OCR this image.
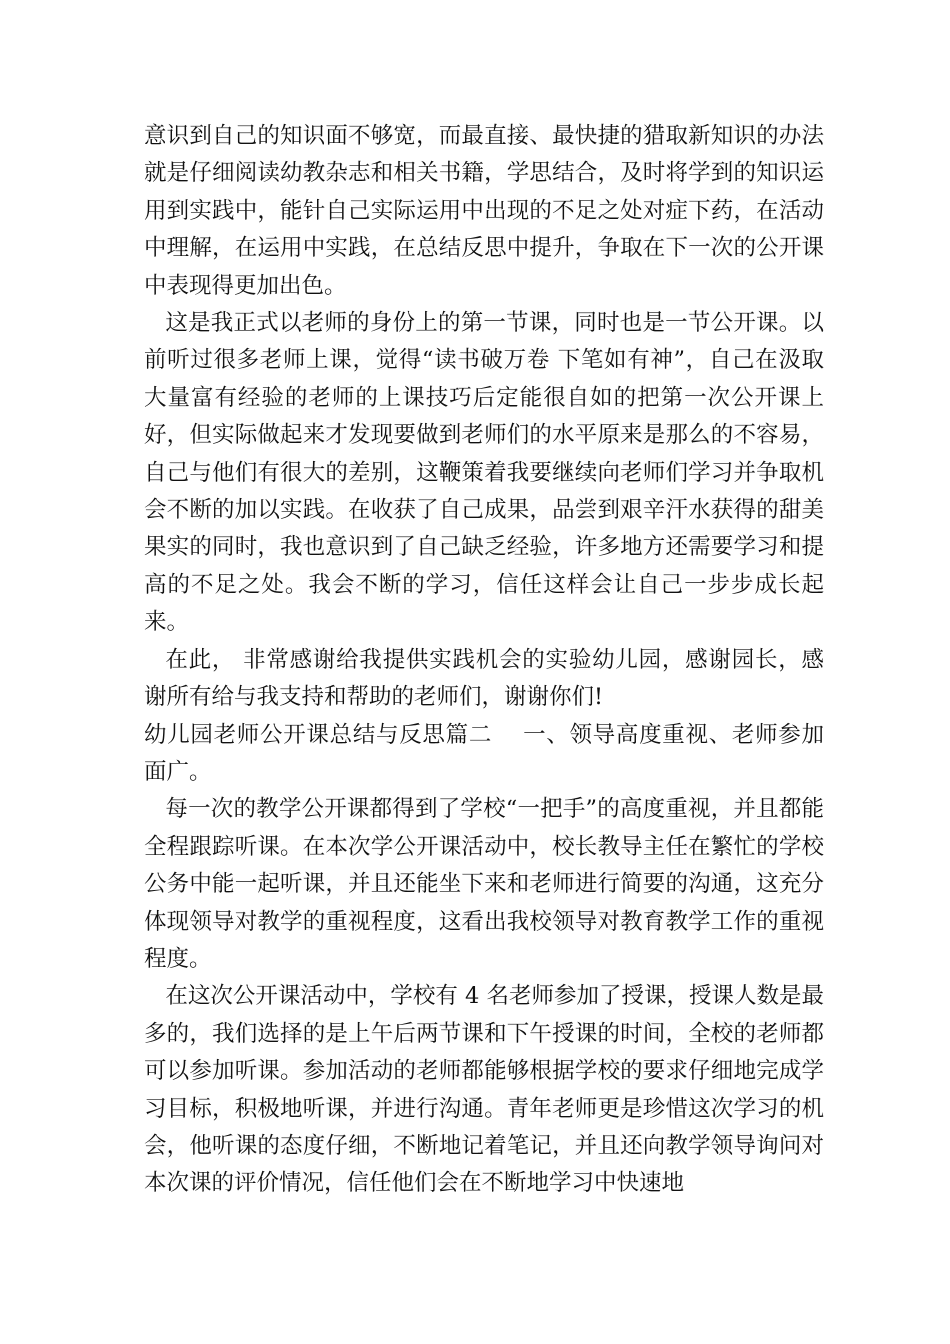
意识到自己的知识面不够宽，而最直接、最快捷的猎取新知识的办法就是仔细阅读幼教杂志和相关书籍，学思结合，及时将学到的知识运用到实践中，能针自己实际运用中出现的不足之处对症下药，在活动中理解，在运用中实践，在总结反思中提升，争取在下一次的公开课中表现得更加出色。

这是我正式以老师的身份上的第一节课，同时也是一节公开课。以前听过很多老师上课，觉得“读书破万卷 下笔如有神”，自己在汲取大量富有经验的老师的上课技巧后定能很自如的把第一次公开课上好，但实际做起来才发现要做到老师们的水平原来是那么的不容易，自己与他们有很大的差别，这鞭策着我要继续向老师们学习并争取机会不断的加以实践。在收获了自己成果，品尝到艰辛汗水获得的甜美果实的同时，我也意识到了自己缺乏经验，许多地方还需要学习和提高的不足之处。我会不断的学习，信任这样会让自己一步步成长起来。

在此， 非常感谢给我提供实践机会的实验幼儿园，感谢园长，感谢所有给与我支持和帮助的老师们，谢谢你们!

幼儿园老师公开课总结与反思篇二　 一、领导高度重视、老师参加面广。

每一次的教学公开课都得到了学校“一把手”的高度重视，并且都能全程跟踪听课。在本次学公开课活动中，校长教导主任在繁忙的学校公务中能一起听课，并且还能坐下来和老师进行简要的沟通，这充分体现领导对教学的重视程度，这看出我校领导对教育教学工作的重视程度。

在这次公开课活动中，学校有 4 名老师参加了授课，授课人数是最多的，我们选择的是上午后两节课和下午授课的时间，全校的老师都可以参加听课。参加活动的老师都能够根据学校的要求仔细地完成学习目标，积极地听课，并进行沟通。青年老师更是珍惜这次学习的机会，他听课的态度仔细，不断地记着笔记，并且还向教学领导询问对本次课的评价情况，信任他们会在不断地学习中快速地
